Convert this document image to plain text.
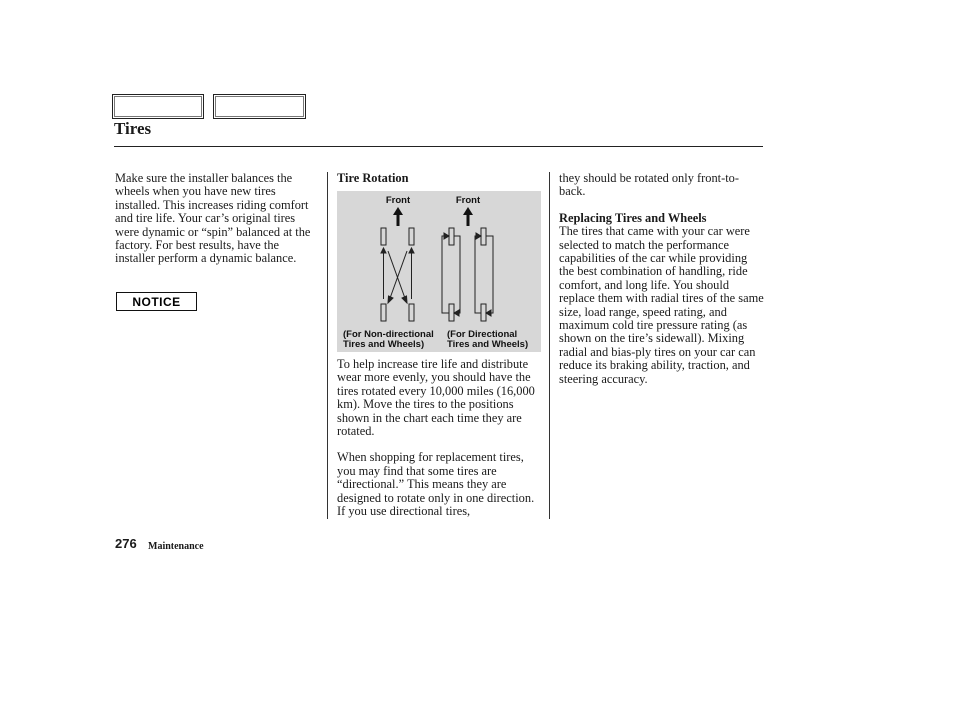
Tires

Make sure the installer balances the wheels when you have new tires installed. This increases riding comfort and tire life. Your car’s original tires were dynamic or “spin” balanced at the factory. For best results, have the installer perform a dynamic balance.

NOTICE

Tire Rotation

Front	Front
(For Non-directional
Tires and Wheels)
(For Directional
Tires and Wheels)

To help increase tire life and distribute wear more evenly, you should have the tires rotated every 10,000 miles (16,000 km). Move the tires to the positions shown in the chart each time they are rotated.

When shopping for replacement tires, you may find that some tires are “directional.” This means they are designed to rotate only in one direction. If you use directional tires,

they should be rotated only front-to-back.

Replacing Tires and Wheels

The tires that came with your car were selected to match the performance capabilities of the car while providing the best combination of handling, ride comfort, and long life. You should replace them with radial tires of the same size, load range, speed rating, and maximum cold tire pressure rating (as shown on the tire’s sidewall). Mixing radial and bias-ply tires on your car can reduce its braking ability, traction, and steering accuracy.

276 Maintenance
